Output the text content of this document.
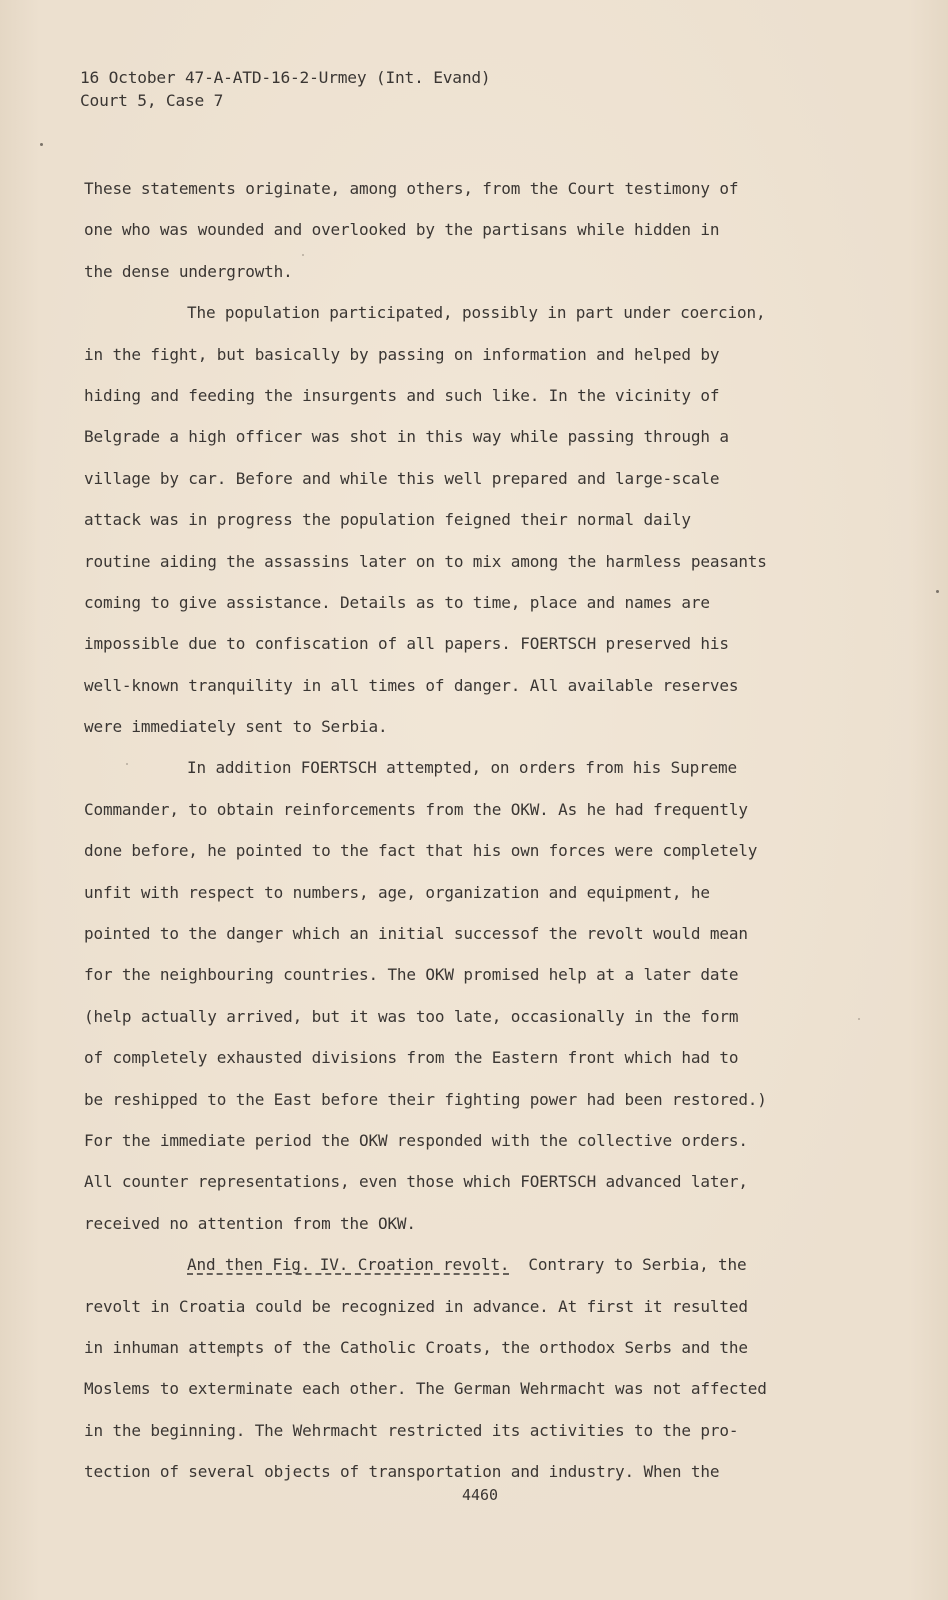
16 October 47-A-ATD-16-2-Urmey (Int. Evand)
Court 5, Case 7
These statements originate, among others, from the Court testimony of
one who was wounded and overlooked by the partisans while hidden in
the dense undergrowth.
The population participated, possibly in part under coercion,
in the fight, but basically by passing on information and helped by
hiding and feeding the insurgents and such like. In the vicinity of
Belgrade a high officer was shot in this way while passing through a
village by car. Before and while this well prepared and large-scale
attack was in progress the population feigned their normal daily
routine aiding the assassins later on to mix among the harmless peasants
coming to give assistance. Details as to time, place and names are
impossible due to confiscation of all papers. FOERTSCH preserved his
well-known tranquility in all times of danger. All available reserves
were immediately sent to Serbia.
In addition FOERTSCH attempted, on orders from his Supreme
Commander, to obtain reinforcements from the OKW. As he had frequently
done before, he pointed to the fact that his own forces were completely
unfit with respect to numbers, age, organization and equipment, he
pointed to the danger which an initial successof the revolt would mean
for the neighbouring countries. The OKW promised help at a later date
(help actually arrived, but it was too late, occasionally in the form
of completely exhausted divisions from the Eastern front which had to
be reshipped to the East before their fighting power had been restored.)
For the immediate period the OKW responded with the collective orders.
All counter representations, even those which FOERTSCH advanced later,
received no attention from the OKW.
And then Fig. IV. Croation revolt.  Contrary to Serbia, the
revolt in Croatia could be recognized in advance. At first it resulted
in inhuman attempts of the Catholic Croats, the orthodox Serbs and the
Moslems to exterminate each other. The German Wehrmacht was not affected
in the beginning. The Wehrmacht restricted its activities to the pro-
tection of several objects of transportation and industry. When the
4460
